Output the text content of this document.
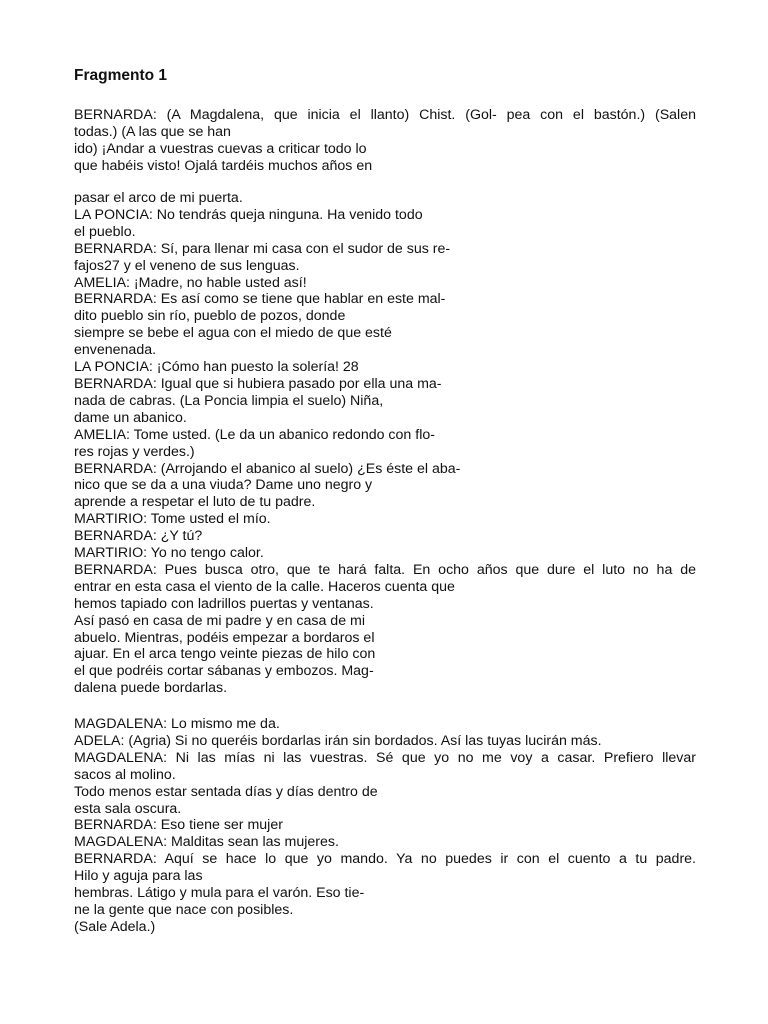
Fragmento 1
BERNARDA: (A Magdalena, que inicia el llanto) Chist. (Gol- pea con el bastón.) (Salen
todas.) (A las que se han
ido) ¡Andar a vuestras cuevas a criticar todo lo
que habéis visto! Ojalá tardéis muchos años en
pasar el arco de mi puerta.
LA PONCIA: No tendrás queja ninguna. Ha venido todo
el pueblo.
BERNARDA: Sí, para llenar mi casa con el sudor de sus re-
fajos27 y el veneno de sus lenguas.
AMELIA: ¡Madre, no hable usted así!
BERNARDA: Es así como se tiene que hablar en este mal-
dito pueblo sin río, pueblo de pozos, donde
siempre se bebe el agua con el miedo de que esté
envenenada.
LA PONCIA: ¡Cómo han puesto la solería! 28
BERNARDA: Igual que si hubiera pasado por ella una ma-
nada de cabras. (La Poncia limpia el suelo) Niña,
dame un abanico.
AMELIA: Tome usted. (Le da un abanico redondo con flo-
res rojas y verdes.)
BERNARDA: (Arrojando el abanico al suelo) ¿Es éste el aba-
nico que se da a una viuda? Dame uno negro y
aprende a respetar el luto de tu padre.
MARTIRIO: Tome usted el mío.
BERNARDA: ¿Y tú?
MARTIRIO: Yo no tengo calor.
BERNARDA: Pues busca otro, que te hará falta. En ocho años que dure el luto no ha de
entrar en esta casa el viento de la calle. Haceros cuenta que
hemos tapiado con ladrillos puertas y ventanas.
Así pasó en casa de mi padre y en casa de mi
abuelo. Mientras, podéis empezar a bordaros el
ajuar. En el arca tengo veinte piezas de hilo con
el que podréis cortar sábanas y embozos. Mag-
dalena puede bordarlas.
MAGDALENA: Lo mismo me da.
ADELA: (Agria) Si no queréis bordarlas irán sin bordados. Así las tuyas lucirán más.
MAGDALENA: Ni las mías ni las vuestras. Sé que yo no me voy a casar. Prefiero llevar
sacos al molino.
Todo menos estar sentada días y días dentro de
esta sala oscura.
BERNARDA: Eso tiene ser mujer
MAGDALENA: Malditas sean las mujeres.
BERNARDA: Aquí se hace lo que yo mando. Ya no puedes ir con el cuento a tu padre.
Hilo y aguja para las
hembras. Látigo y mula para el varón. Eso tie-
ne la gente que nace con posibles.
(Sale Adela.)
